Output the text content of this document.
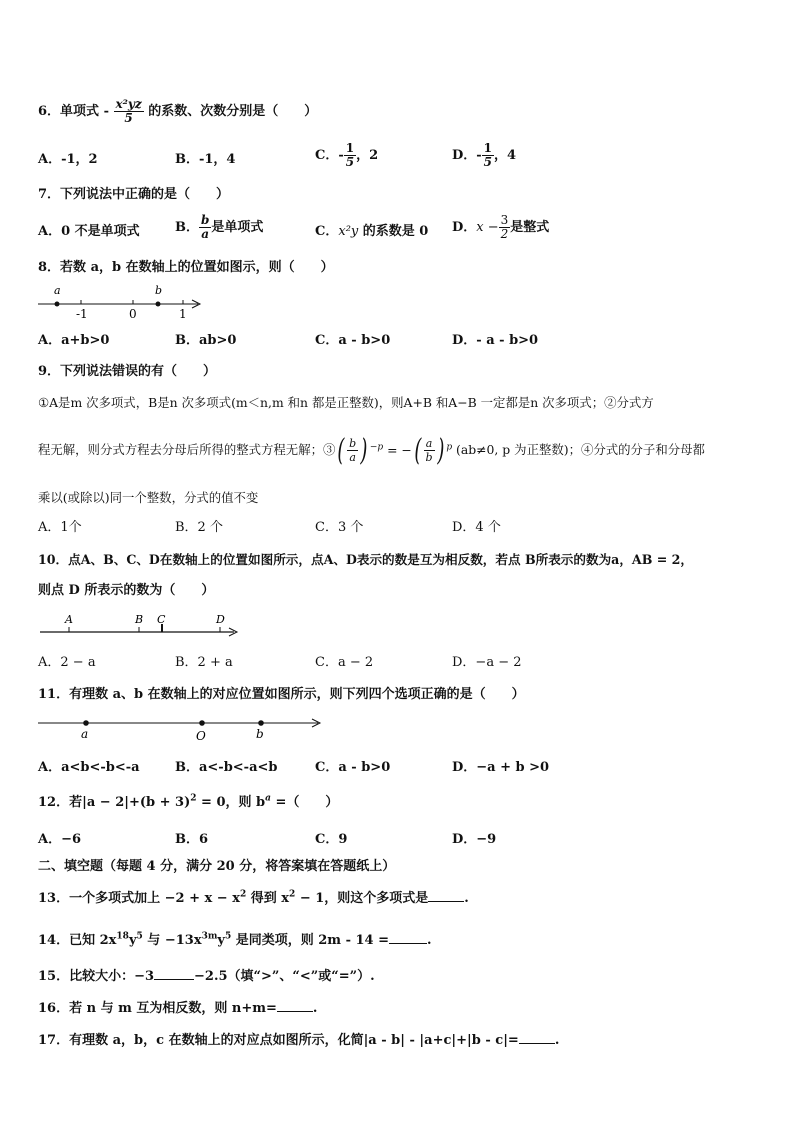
6．单项式 - $\frac{\text{x²yz}}{5}$ 的系数、次数分别是（　　）
A．-1，2	B．-1，4	C．- $\frac{1}{5}$ ，2	D．- $\frac{1}{5}$ ，4
7．下列说法中正确的是（　　）
A．0 不是单项式	B． $\frac{b}{a}$ 是单项式	C．x²y 的系数是 0 D．$x - \frac{3}{2}$ 是整式
8．若数 a，b 在数轴上的位置如图示，则（　　）
a	b
-1	0	1
A．a+b>0	B．ab>0	C．a - b>0	D．- a - b>0
9．下列说法错误的有（　　）
①A是m 次多项式，B是n 次多项式(m＜n,m 和n 都是正整数)，则A+B 和A−B 一定都是n 次多项式；②分式方
程无解，则分式方程去分母后所得的整式方程无解；③( $\frac{b}{a}$ ) $^{-p}$ = −( $\frac{a}{b}$ ) $^p$ (ab≠0, p 为正整数)；④分式的分子和分母都
乘以(或除以)同一个整数，分式的值不变
A．1个	B．2 个	C．3 个	D．4 个
10．点A、B、C、D在数轴上的位置如图所示，点A、D表示的数是互为相反数，若点 B所表示的数为a，AB = 2，
则点 D 所表示的数为（　　）
A	B C	D
A．2 − a	B．2 + a	C．a − 2	D．−a − 2
11．有理数 a、b 在数轴上的对应位置如图所示，则下列四个选项正确的是（　　）
a	O	b
A．a<b<-b<-a	B．a<-b<-a<b	C．a - b>0	D．−a + b >0
12．若$|a - 2|+(b + 3)^2 = 0$，则 $b^a$ =（　　）
A．−6	B．6	C．9	D．−9
二、填空题（每题 4 分，满分 20 分，将答案填在答题纸上）
13．一个多项式加上 $-2 + x - x^2$ 得到 $x^2 - 1$，则这个多项式是	.
14．已知 $2x^{18}y^5$ 与 $-13x^{3m}y^5$ 是同类项，则 2m - 14 =	.
15．比较大小：−3	−2.5（填“>”、“<”或“=”）.
16．若 n 与 m 互为相反数，则 n+m=	.
17．有理数 a，b，c 在数轴上的对应点如图所示，化简|a - b| - |a+c|+|b - c|=	.
